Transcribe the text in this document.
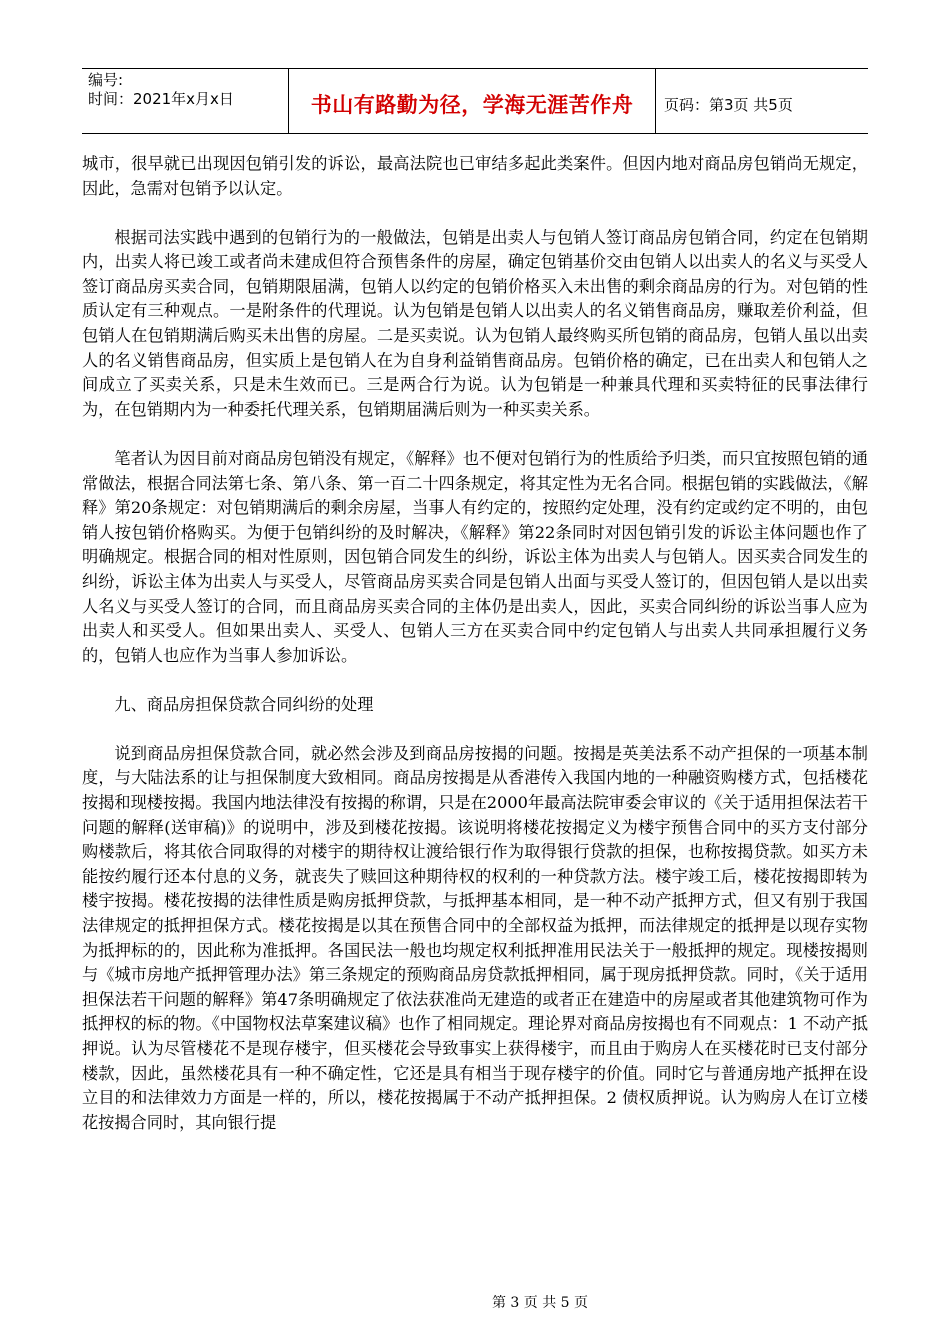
编号:
时间：2021年x月x日	书山有路勤为径，学海无涯苦作舟	页码：第3页 共5页

城市，很早就已出现因包销引发的诉讼，最高法院也已审结多起此类案件。但因内地对商品房包销尚无规定，因此，急需对包销予以认定。

根据司法实践中遇到的包销行为的一般做法，包销是出卖人与包销人签订商品房包销合同，约定在包销期内，出卖人将已竣工或者尚未建成但符合预售条件的房屋，确定包销基价交由包销人以出卖人的名义与买受人签订商品房买卖合同，包销期限届满，包销人以约定的包销价格买入未出售的剩余商品房的行为。对包销的性质认定有三种观点。一是附条件的代理说。认为包销是包销人以出卖人的名义销售商品房，赚取差价利益，但包销人在包销期满后购买未出售的房屋。二是买卖说。认为包销人最终购买所包销的商品房，包销人虽以出卖人的名义销售商品房，但实质上是包销人在为自身利益销售商品房。包销价格的确定，已在出卖人和包销人之间成立了买卖关系，只是未生效而已。三是两合行为说。认为包销是一种兼具代理和买卖特征的民事法律行为，在包销期内为一种委托代理关系，包销期届满后则为一种买卖关系。

笔者认为因目前对商品房包销没有规定，《解释》也不便对包销行为的性质给予归类，而只宜按照包销的通常做法，根据合同法第七条、第八条、第一百二十四条规定，将其定性为无名合同。根据包销的实践做法，《解释》第20条规定：对包销期满后的剩余房屋，当事人有约定的，按照约定处理，没有约定或约定不明的，由包销人按包销价格购买。为便于包销纠纷的及时解决，《解释》第22条同时对因包销引发的诉讼主体问题也作了明确规定。根据合同的相对性原则，因包销合同发生的纠纷，诉讼主体为出卖人与包销人。因买卖合同发生的纠纷，诉讼主体为出卖人与买受人，尽管商品房买卖合同是包销人出面与买受人签订的，但因包销人是以出卖人名义与买受人签订的合同，而且商品房买卖合同的主体仍是出卖人，因此，买卖合同纠纷的诉讼当事人应为出卖人和买受人。但如果出卖人、买受人、包销人三方在买卖合同中约定包销人与出卖人共同承担履行义务的，包销人也应作为当事人参加诉讼。

九、商品房担保贷款合同纠纷的处理

说到商品房担保贷款合同，就必然会涉及到商品房按揭的问题。按揭是英美法系不动产担保的一项基本制度，与大陆法系的让与担保制度大致相同。商品房按揭是从香港传入我国内地的一种融资购楼方式，包括楼花按揭和现楼按揭。我国内地法律没有按揭的称谓，只是在2000年最高法院审委会审议的《关于适用担保法若干问题的解释(送审稿)》的说明中，涉及到楼花按揭。该说明将楼花按揭定义为楼宇预售合同中的买方支付部分购楼款后，将其依合同取得的对楼宇的期待权让渡给银行作为取得银行贷款的担保，也称按揭贷款。如买方未能按约履行还本付息的义务，就丧失了赎回这种期待权的权利的一种贷款方法。楼宇竣工后，楼花按揭即转为楼宇按揭。楼花按揭的法律性质是购房抵押贷款，与抵押基本相同，是一种不动产抵押方式，但又有别于我国法律规定的抵押担保方式。楼花按揭是以其在预售合同中的全部权益为抵押，而法律规定的抵押是以现存实物为抵押标的的，因此称为准抵押。各国民法一般也均规定权利抵押准用民法关于一般抵押的规定。现楼按揭则与《城市房地产抵押管理办法》第三条规定的预购商品房贷款抵押相同，属于现房抵押贷款。同时，《关于适用担保法若干问题的解释》第47条明确规定了依法获准尚无建造的或者正在建造中的房屋或者其他建筑物可作为抵押权的标的物。《中国物权法草案建议稿》也作了相同规定。理论界对商品房按揭也有不同观点：1 不动产抵押说。认为尽管楼花不是现存楼宇，但买楼花会导致事实上获得楼宇，而且由于购房人在买楼花时已支付部分楼款，因此，虽然楼花具有一种不确定性，它还是具有相当于现存楼宇的价值。同时它与普通房地产抵押在设立目的和法律效力方面是一样的，所以，楼花按揭属于不动产抵押担保。2 债权质押说。认为购房人在订立楼花按揭合同时，其向银行提

第 3 页 共 5 页
